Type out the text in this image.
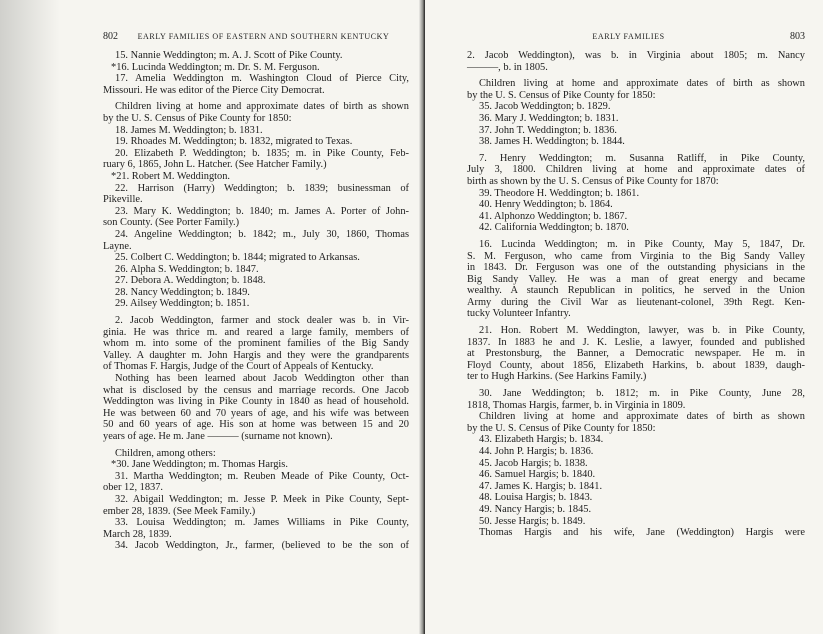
802 EARLY FAMILIES OF EASTERN AND SOUTHERN KENTUCKY
15. Nannie Weddington; m. A. J. Scott of Pike County.
*16. Lucinda Weddington; m. Dr. S. M. Ferguson.
17. Amelia Weddington m. Washington Cloud of Pierce City,
Missouri. He was editor of the Pierce City Democrat.
Children living at home and approximate dates of birth as shown
by the U. S. Census of Pike County for 1850:
18. James M. Weddington; b. 1831.
19. Rhoades M. Weddington; b. 1832, migrated to Texas.
20. Elizabeth P. Weddington; b. 1835; m. in Pike County, Feb-
ruary 6, 1865, John L. Hatcher. (See Hatcher Family.)
*21. Robert M. Weddington.
22. Harrison (Harry) Weddington; b. 1839; businessman of
Pikeville.
23. Mary K. Weddington; b. 1840; m. James A. Porter of John-
son County. (See Porter Family.)
24. Angeline Weddington; b. 1842; m., July 30, 1860, Thomas
Layne.
25. Colbert C. Weddington; b. 1844; migrated to Arkansas.
26. Alpha S. Weddington; b. 1847.
27. Debora A. Weddington; b. 1848.
28. Nancy Weddington; b. 1849.
29. Ailsey Weddington; b. 1851.
2. Jacob Weddington, farmer and stock dealer was b. in Vir-
ginia. He was thrice m. and reared a large family, members of
whom m. into some of the prominent families of the Big Sandy
Valley. A daughter m. John Hargis and they were the grandparents
of Thomas F. Hargis, Judge of the Court of Appeals of Kentucky.
Nothing has been learned about Jacob Weddington other than
what is disclosed by the census and marriage records. One Jacob
Weddington was living in Pike County in 1840 as head of household.
He was between 60 and 70 years of age, and his wife was between
50 and 60 years of age. His son at home was between 15 and 20
years of age. He m. Jane ——— (surname not known).
Children, among others:
*30. Jane Weddington; m. Thomas Hargis.
31. Martha Weddington; m. Reuben Meade of Pike County, Oct-
ober 12, 1837.
32. Abigail Weddington; m. Jesse P. Meek in Pike County, Sept-
ember 28, 1839. (See Meek Family.)
33. Louisa Weddington; m. James Williams in Pike County,
March 28, 1839.
34. Jacob Weddington, Jr., farmer, (believed to be the son of
EARLY FAMILIES	803
2. Jacob Weddington), was b. in Virginia about 1805; m. Nancy
———, b. in 1805.
Children living at home and approximate dates of birth as shown
by the U. S. Census of Pike County for 1850:
35. Jacob Weddington; b. 1829.
36. Mary J. Weddington; b. 1831.
37. John T. Weddington; b. 1836.
38. James H. Weddington; b. 1844.
7. Henry Weddington; m. Susanna Ratliff, in Pike County,
July 3, 1800. Children living at home and approximate dates of
birth as shown by the U. S. Census of Pike County for 1870:
39. Theodore H. Weddington; b. 1861.
40. Henry Weddington; b. 1864.
41. Alphonzo Weddington; b. 1867.
42. California Weddington; b. 1870.
16. Lucinda Weddington; m. in Pike County, May 5, 1847, Dr.
S. M. Ferguson, who came from Virginia to the Big Sandy Valley
in 1843. Dr. Ferguson was one of the outstanding physicians in the
Big Sandy Valley. He was a man of great energy and became
wealthy. A staunch Republican in politics, he served in the Union
Army during the Civil War as lieutenant-colonel, 39th Regt. Ken-
tucky Volunteer Infantry.
21. Hon. Robert M. Weddington, lawyer, was b. in Pike County,
1837. In 1883 he and J. K. Leslie, a lawyer, founded and published
at Prestonsburg, the Banner, a Democratic newspaper. He m. in
Floyd County, about 1856, Elizabeth Harkins, b. about 1839, daugh-
ter to Hugh Harkins. (See Harkins Family.)
30. Jane Weddington; b. 1812; m. in Pike County, June 28,
1818, Thomas Hargis, farmer, b. in Virginia in 1809.
Children living at home and approximate dates of birth as shown
by the U. S. Census of Pike County for 1850:
43. Elizabeth Hargis; b. 1834.
44. John P. Hargis; b. 1836.
45. Jacob Hargis; b. 1838.
46. Samuel Hargis; b. 1840.
47. James K. Hargis; b. 1841.
48. Louisa Hargis; b. 1843.
49. Nancy Hargis; b. 1845.
50. Jesse Hargis; b. 1849.
Thomas Hargis and his wife, Jane (Weddington) Hargis were
